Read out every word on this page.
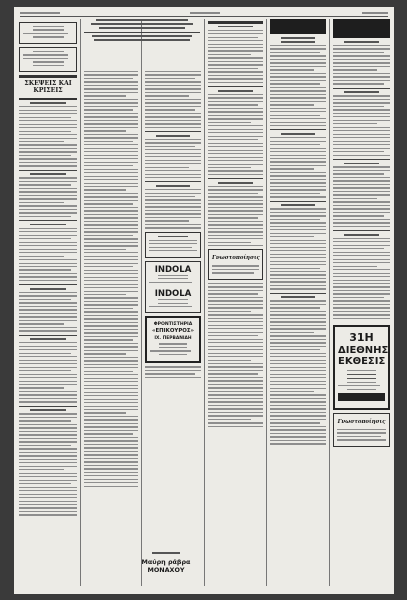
ΣΚΕΨΕΙΣ ΚΑΙ ΚΡΙΣΕΙΣ
INDOLA
INDOLA
ΦΡΟΝΤΙΣΤΗΡΙΑ
«ΕΠΙΚΟΥΡΟΣ»
ΙΧ. ΠΕΡΒΑΝΙΔΗ
Μαύρη ράβρα ΜΟΝΑΧΟΥ
Γνωστοποίησις

31Η
ΔΙΕΘΝΗΣ
ΕΚΘΕΣΙΣ
Γνωστοποίησις
